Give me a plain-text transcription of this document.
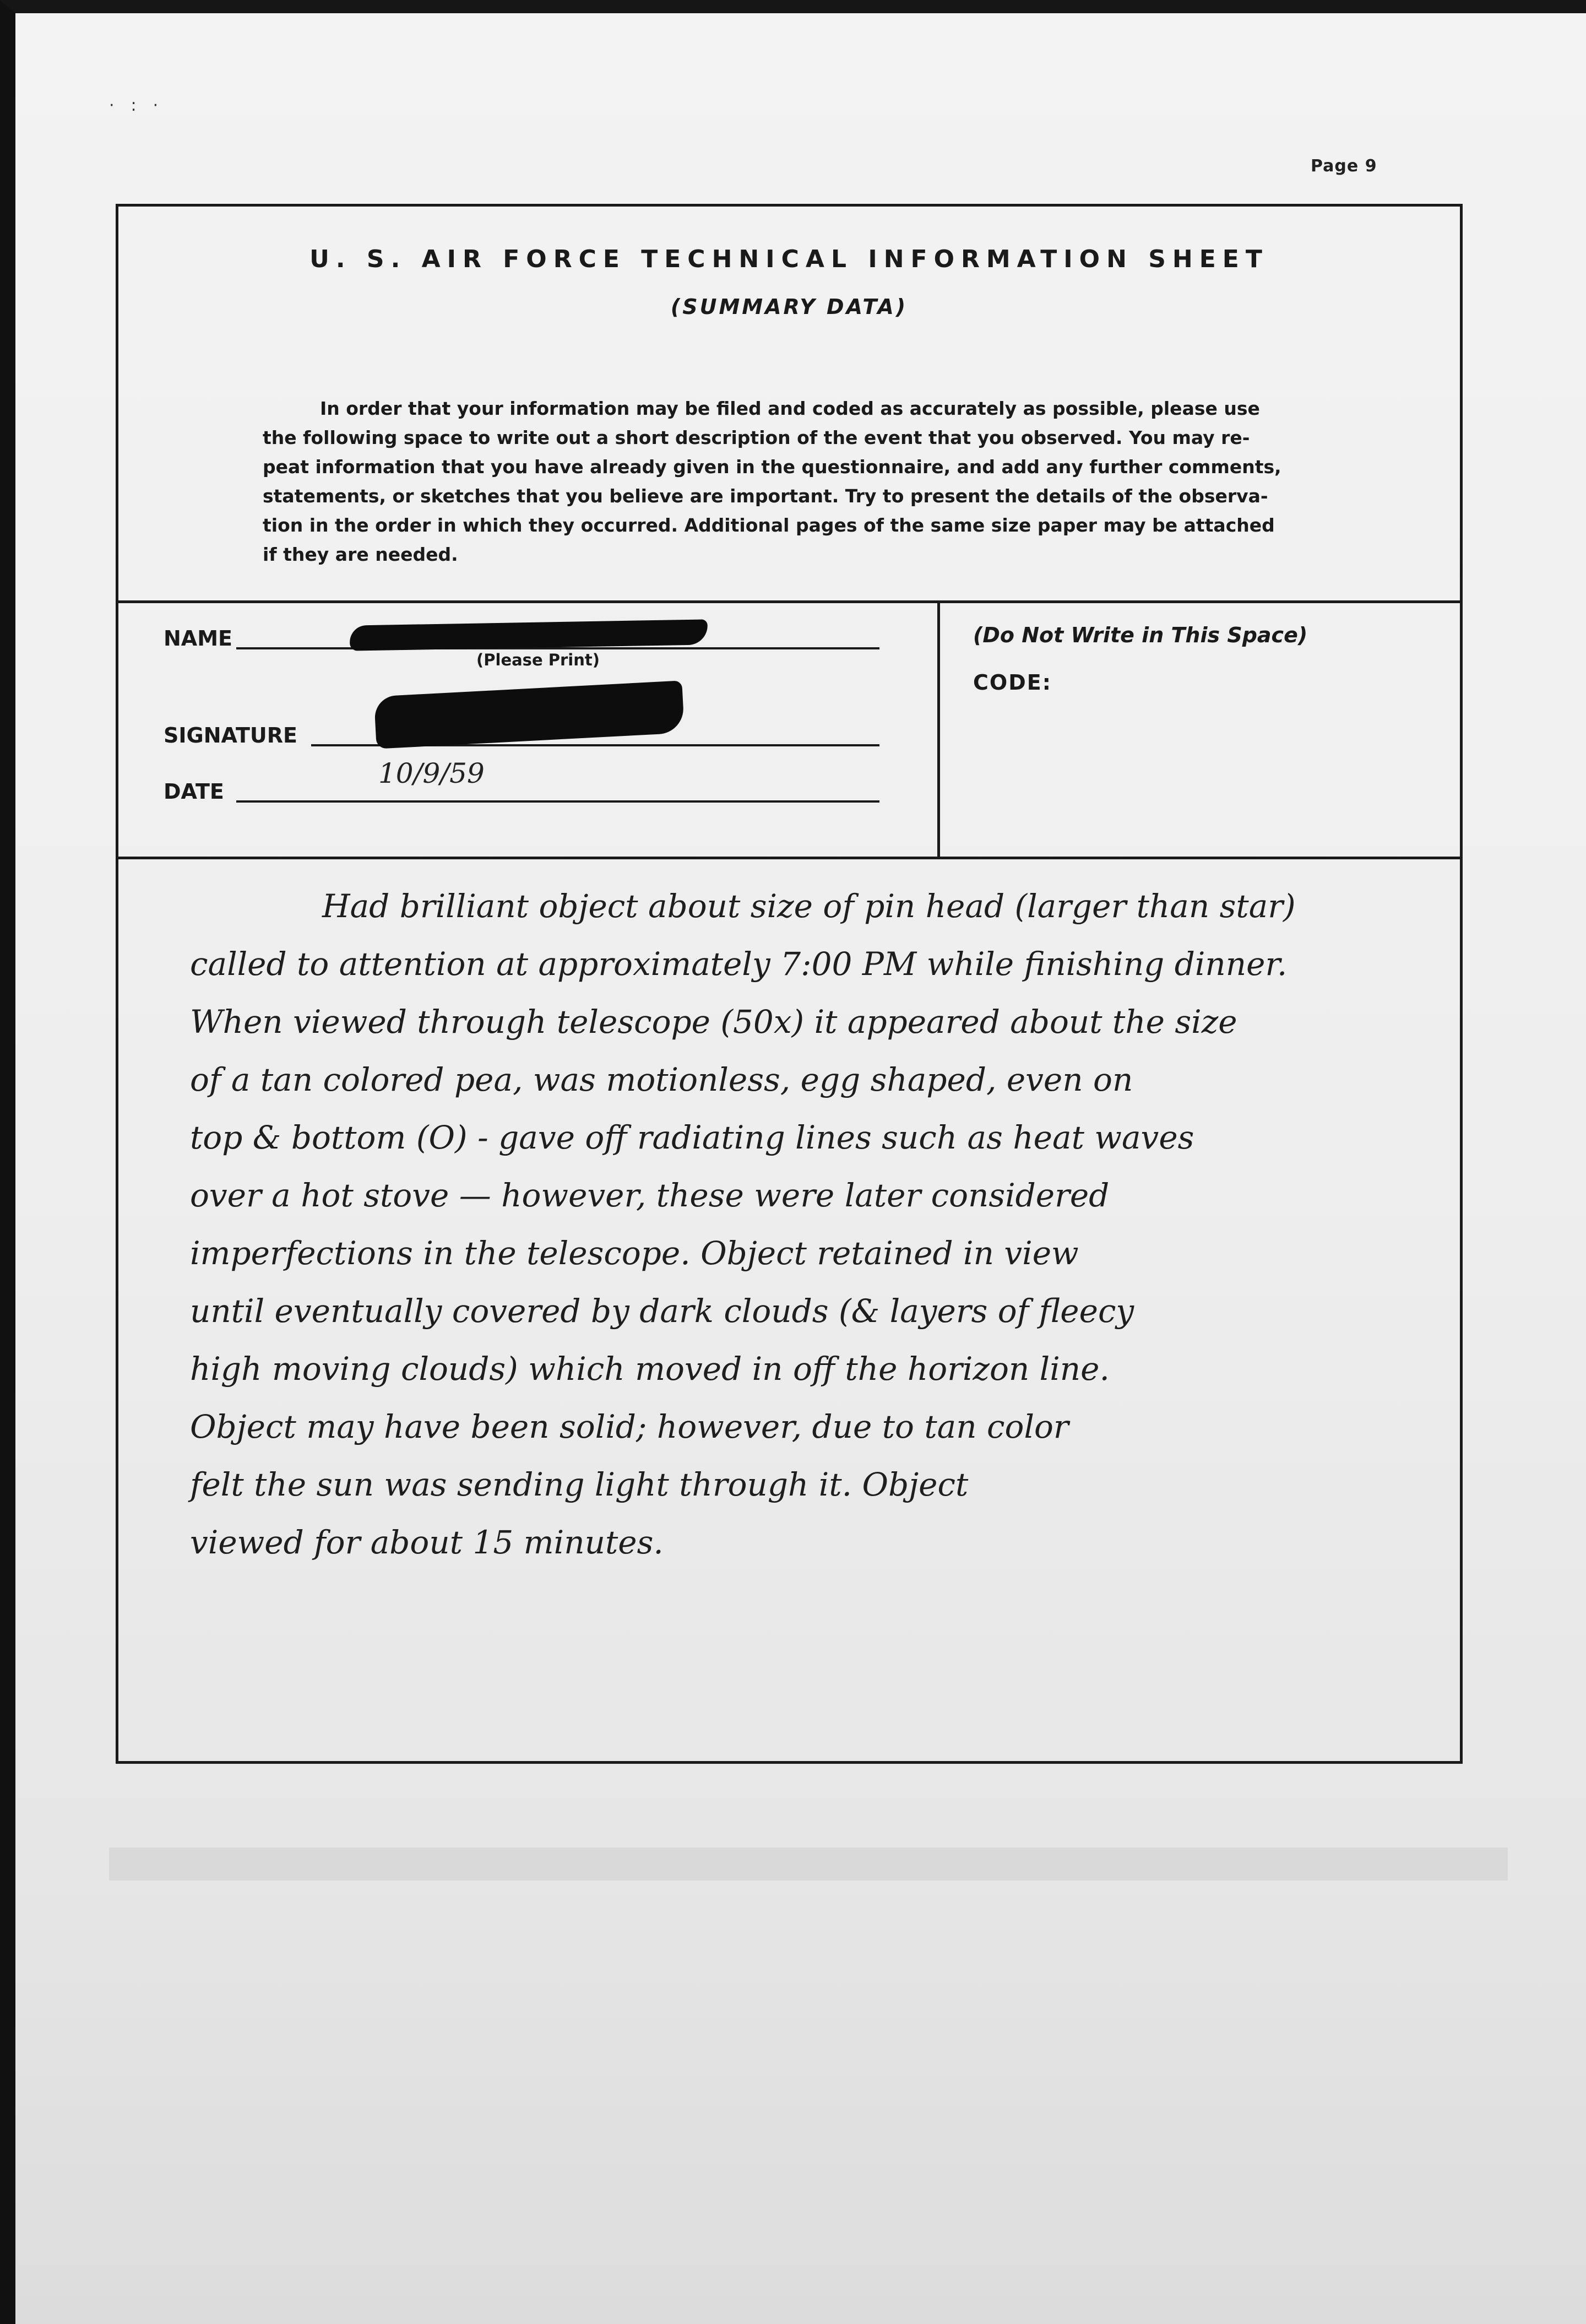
·:·
Page 9
U. S. AIR FORCE TECHNICAL INFORMATION SHEET
(SUMMARY DATA)

In order that your information may be filed and coded as accurately as possible, please use

the following space to write out a short description of the event that you observed. You may re-

peat information that you have already given in the questionnaire, and add any further comments,

statements, or sketches that you believe are important. Try to present the details of the observa-

tion in the order in which they occurred. Additional pages of the same size paper may be attached

if they are needed.

NAME
(Please Print)
SIGNATURE
DATE
10/9/59
(Do Not Write in This Space)
CODE:
Had brilliant object about size of pin head (larger than star)
called to attention at approximately 7:00 PM while finishing dinner.
When viewed through telescope (50x) it appeared about the size
of a tan colored pea, was motionless, egg shaped, even on
top & bottom (O) - gave off radiating lines such as heat waves
over a hot stove — however, these were later considered
imperfections in the telescope. Object retained in view
until eventually covered by dark clouds (& layers of fleecy
high moving clouds) which moved in off the horizon line.
Object may have been solid; however, due to tan color
felt the sun was sending light through it. Object
viewed for about 15 minutes.
